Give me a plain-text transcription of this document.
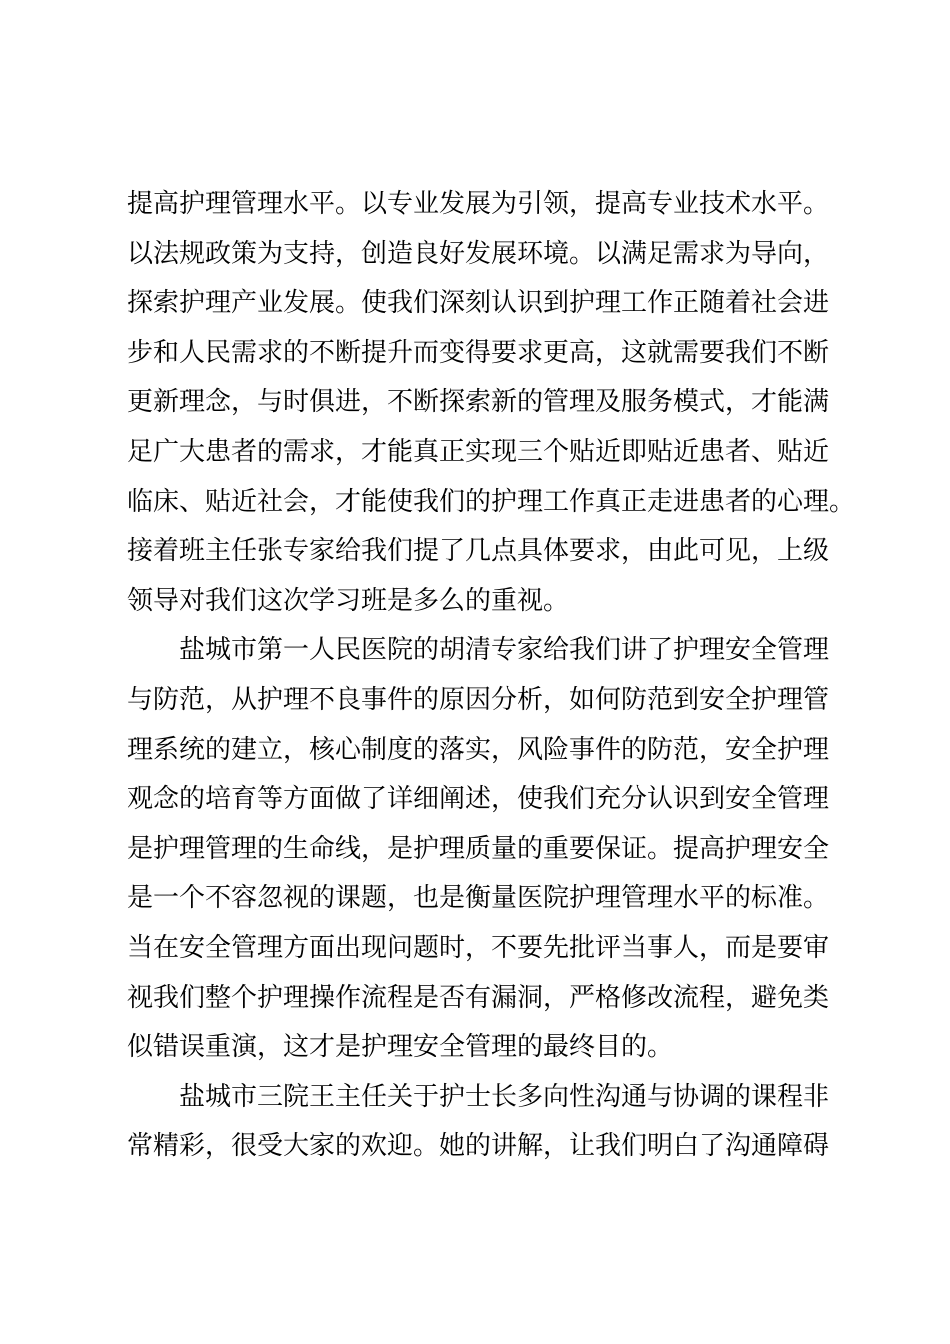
提高护理管理水平。以专业发展为引领，提高专业技术水平。
以法规政策为支持，创造良好发展环境。以满足需求为导向，
探索护理产业发展。使我们深刻认识到护理工作正随着社会进
步和人民需求的不断提升而变得要求更高，这就需要我们不断
更新理念，与时俱进，不断探索新的管理及服务模式，才能满
足广大患者的需求，才能真正实现三个贴近即贴近患者、贴近
临床、贴近社会，才能使我们的护理工作真正走进患者的心理。
接着班主任张专家给我们提了几点具体要求，由此可见，上级
领导对我们这次学习班是多么的重视。
盐城市第一人民医院的胡清专家给我们讲了护理安全管理
与防范，从护理不良事件的原因分析，如何防范到安全护理管
理系统的建立，核心制度的落实，风险事件的防范，安全护理
观念的培育等方面做了详细阐述，使我们充分认识到安全管理
是护理管理的生命线，是护理质量的重要保证。提高护理安全
是一个不容忽视的课题，也是衡量医院护理管理水平的标准。
当在安全管理方面出现问题时，不要先批评当事人，而是要审
视我们整个护理操作流程是否有漏洞，严格修改流程，避免类
似错误重演，这才是护理安全管理的最终目的。
盐城市三院王主任关于护士长多向性沟通与协调的课程非
常精彩，很受大家的欢迎。她的讲解，让我们明白了沟通障碍
